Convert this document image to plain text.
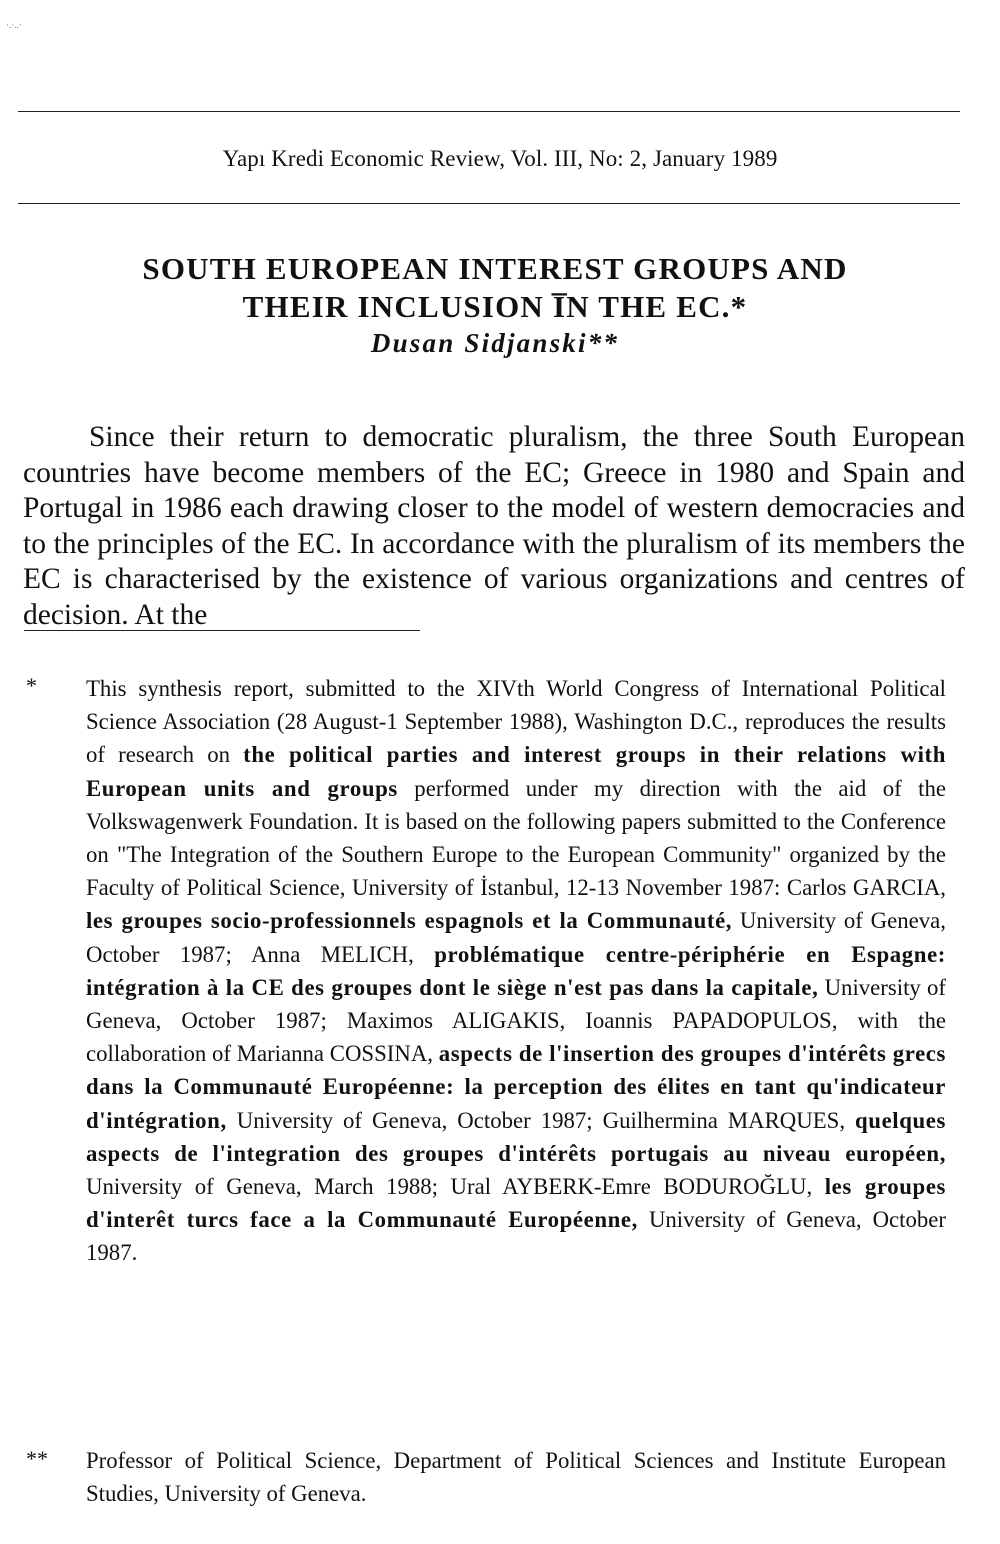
·.·..·
Yapı Kredi Economic Review, Vol. III, No: 2, January 1989
SOUTH EUROPEAN INTEREST GROUPS AND
THEIR INCLUSION I̅N THE EC.*
Dusan Sidjanski**

Since their return to democratic pluralism, the three South European countries have become members of the EC; Greece in 1980 and Spain and Portugal in 1986 each drawing closer to the model of western democracies and to the principles of the EC. In accordance with the pluralism of its members the EC is characterised by the existence of various organizations and centres of decision. At the

* This synthesis report, submitted to the XIVth World Congress of International Political Science Association (28 August-1 September 1988), Washington D.C., reproduces the results of research on the political parties and interest groups in their relations with European units and groups performed under my direction with the aid of the Volkswagenwerk Foundation. It is based on the following papers submitted to the Conference on "The Integration of the Southern Europe to the European Community" organized by the Faculty of Political Science, University of İstanbul, 12-13 November 1987: Carlos GARCIA, les groupes socio-professionnels espagnols et la Communauté, University of Geneva, October 1987; Anna MELICH, problématique centre-périphérie en Espagne: intégration à la CE des groupes dont le siège n'est pas dans la capitale, University of Geneva, October 1987; Maximos ALIGAKIS, Ioannis PAPADOPULOS, with the collaboration of Marianna COSSINA, aspects de l'insertion des groupes d'intérêts grecs dans la Communauté Européenne: la perception des élites en tant qu'indicateur d'intégration, University of Geneva, October 1987; Guilhermina MARQUES, quelques aspects de l'integration des groupes d'intérêts portugais au niveau européen, University of Geneva, March 1988; Ural AYBERK-Emre BODUROĞLU, les groupes d'interêt turcs face a la Communauté Européenne, University of Geneva, October 1987.

** Professor of Political Science, Department of Political Sciences and Institute European Studies, University of Geneva.
